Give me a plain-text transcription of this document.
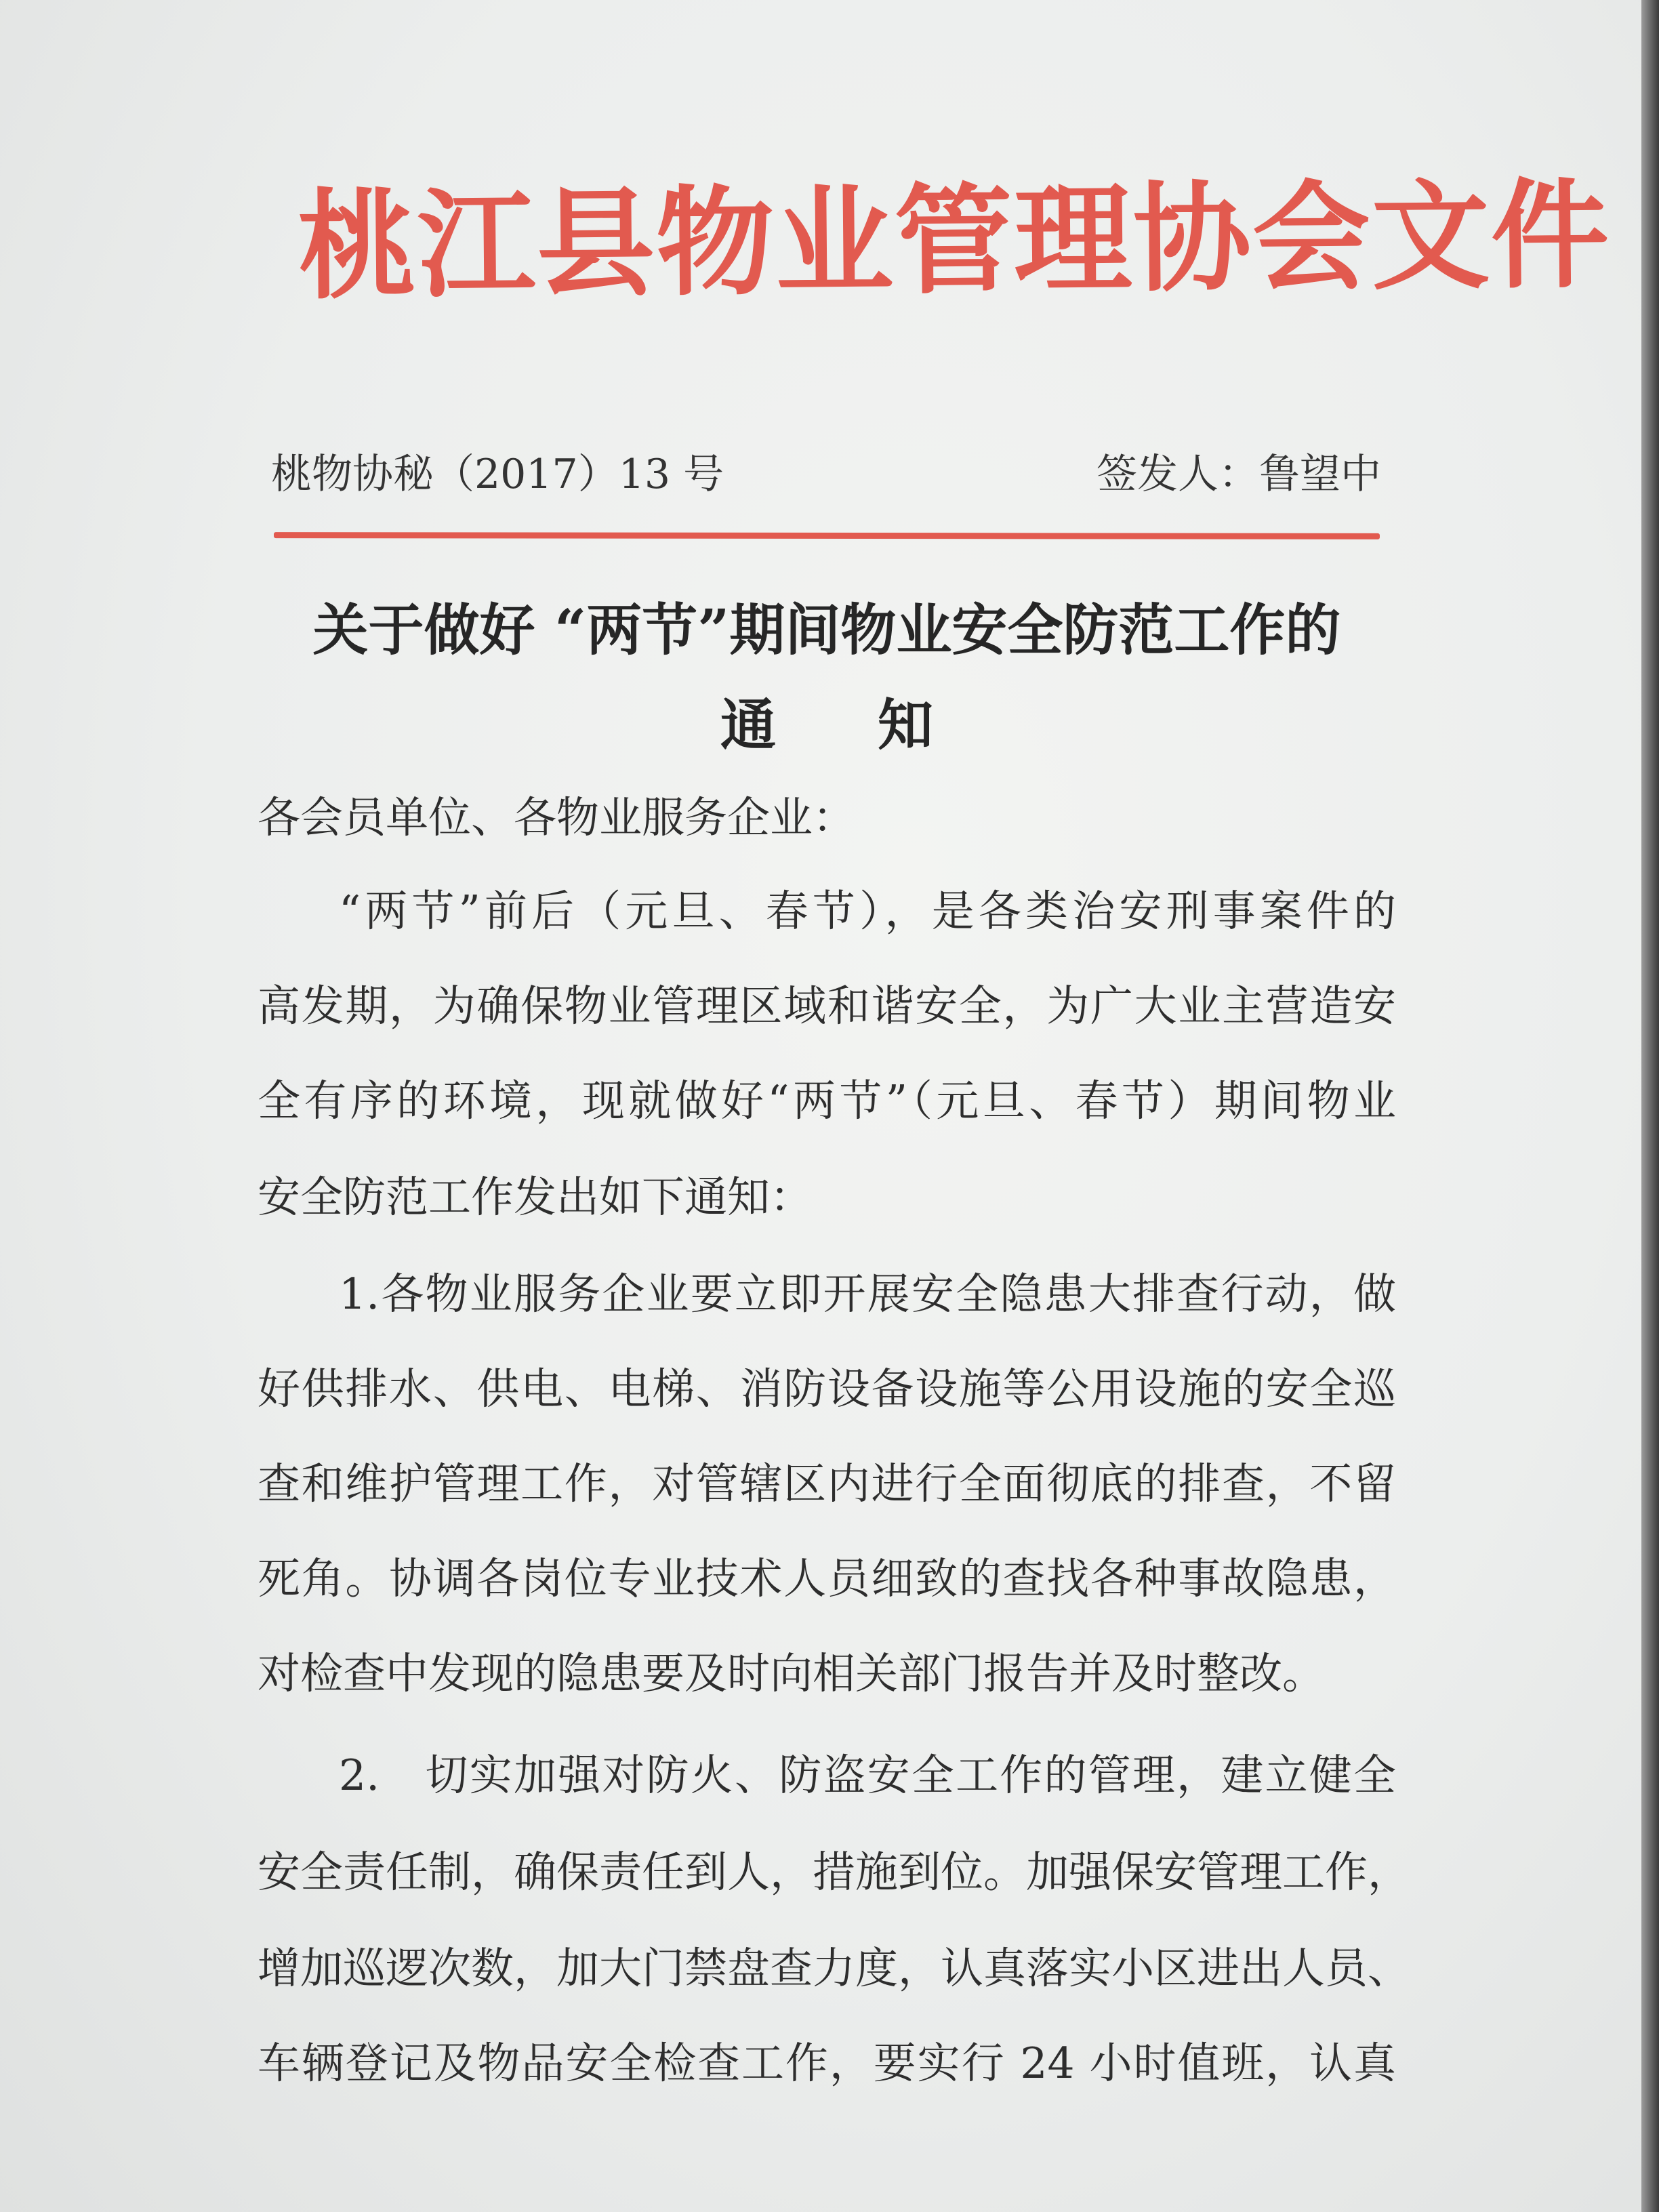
桃江县物业管理协会文件
桃物协秘（2017）13 号	签发人：鲁望中
关于做好 “两节”期间物业安全防范工作的
通知
各会员单位、各物业服务企业：
“两节”前后（元旦、春节），是各类治安刑事案件的
高发期，为确保物业管理区域和谐安全，为广大业主营造安
全有序的环境，现就做好“两节”（元旦、春节）期间物业
安全防范工作发出如下通知：
1.各物业服务企业要立即开展安全隐患大排查行动，做
好供排水、供电、电梯、消防设备设施等公用设施的安全巡
查和维护管理工作，对管辖区内进行全面彻底的排查，不留
死角。协调各岗位专业技术人员细致的查找各种事故隐患，
对检查中发现的隐患要及时向相关部门报告并及时整改。
2.　切实加强对防火、防盗安全工作的管理，建立健全
安全责任制，确保责任到人，措施到位。加强保安管理工作，
增加巡逻次数，加大门禁盘查力度，认真落实小区进出人员、
车辆登记及物品安全检查工作，要实行 24 小时值班，认真
